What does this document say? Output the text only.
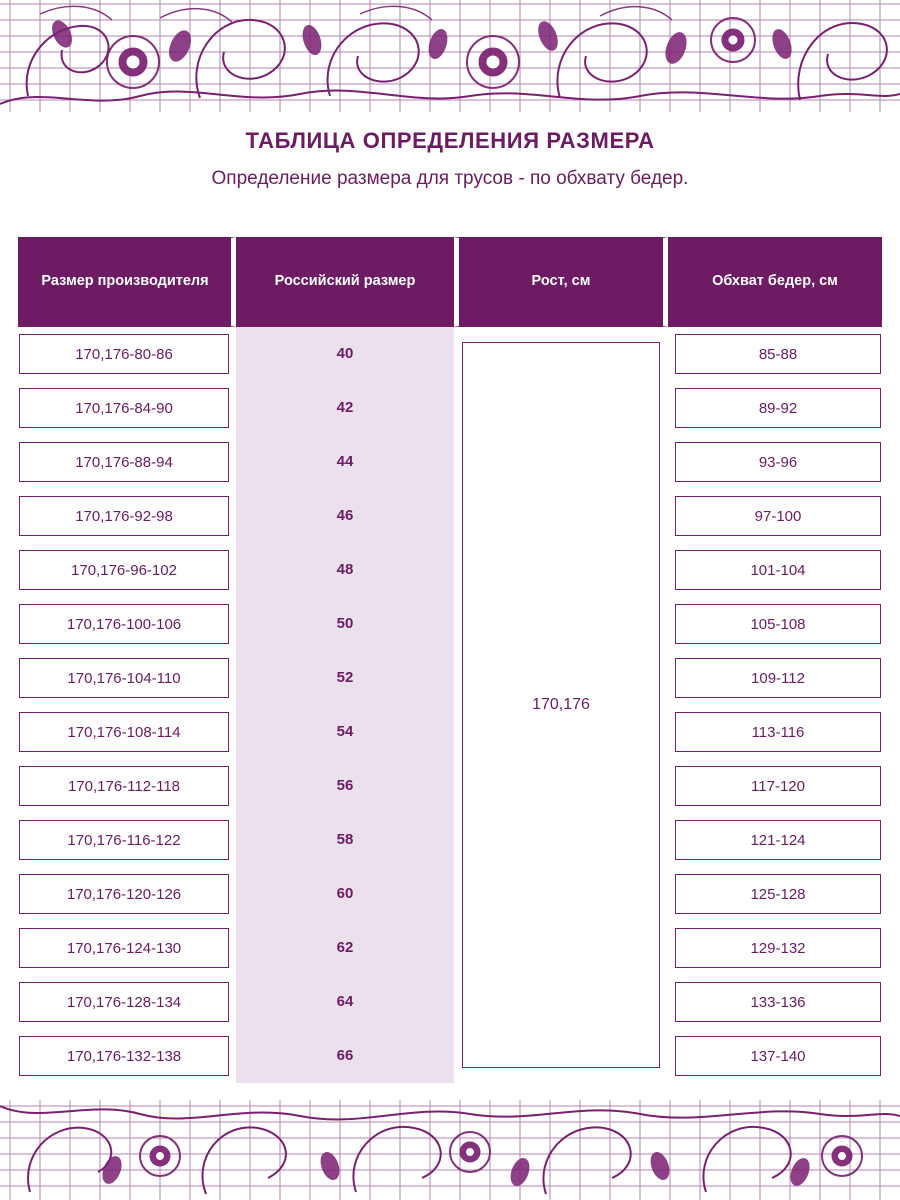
ТАБЛИЦА ОПРЕДЕЛЕНИЯ РАЗМЕРА

Определение размера для трусов - по обхвату бедер.

Размер производителя	Российский размер	Рост, см	Обхват бедер, см

170,176-80-86	40	170,176	85-88

170,176-84-90	42		89-92

170,176-88-94	44		93-96

170,176-92-98	46		97-100

170,176-96-102	48		101-104

170,176-100-106	50		105-108

170,176-104-110	52		109-112

170,176-108-114	54		113-116

170,176-112-118	56		117-120

170,176-116-122	58		121-124

170,176-120-126	60		125-128

170,176-124-130	62		129-132

170,176-128-134	64		133-136

170,176-132-138	66		137-140
